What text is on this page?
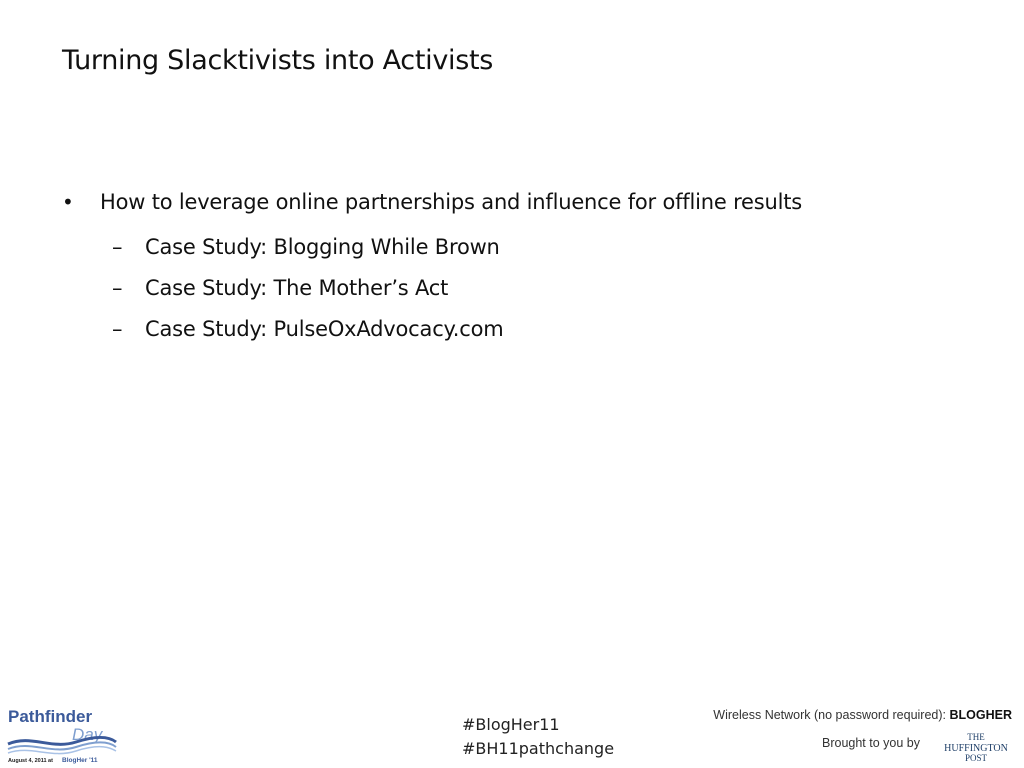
Turning Slacktivists into Activists
•	How to leverage online partnerships and influence for offline results
–	Case Study: Blogging While Brown
–	Case Study: The Mother’s Act
–	Case Study: PulseOxAdvocacy.com
Pathfinder
Day
August 4, 2011 at BlogHer '11
#BlogHer11
#BH11pathchange
Wireless Network (no password required): BLOGHER
Brought to you by	THE
HUFFINGTON
POST
